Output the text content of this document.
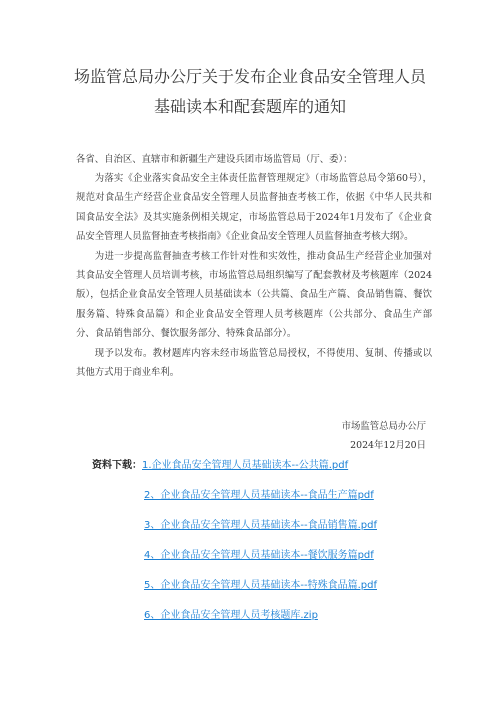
场监管总局办公厅关于发布企业食品安全管理人员
基础读本和配套题库的通知
各省、自治区、直辖市和新疆生产建设兵团市场监管局（厅、委）：

为落实《企业落实食品安全主体责任监督管理规定》（市场监管总局令第60号），规范对食品生产经营企业食品安全管理人员监督抽查考核工作，依据《中华人民共和国食品安全法》及其实施条例相关规定，市场监管总局于2024年1月发布了《企业食品安全管理人员监督抽查考核指南》《企业食品安全管理人员监督抽查考核大纲》。

为进一步提高监督抽查考核工作针对性和实效性，推动食品生产经营企业加强对其食品安全管理人员培训考核，市场监管总局组织编写了配套教材及考核题库（2024版），包括企业食品安全管理人员基础读本（公共篇、食品生产篇、食品销售篇、餐饮服务篇、特殊食品篇）和企业食品安全管理人员考核题库（公共部分、食品生产部分、食品销售部分、餐饮服务部分、特殊食品部分）。

现予以发布。教材题库内容未经市场监管总局授权，不得使用、复制、传播或以其他方式用于商业牟利。

市场监管总局办公厅
2024年12月20日
资料下载：1.企业食品安全管理人员基础读本--公共篇.pdf
2、企业食品安全管理人员基础读本--食品生产篇pdf
3、企业食品安全管理人员基础读本--食品销售篇.pdf
4、企业食品安全管理人员基础读本--餐饮服务篇pdf
5、企业食品安全管理人员基础读本--特殊食品篇.pdf
6、企业食品安全管理人员考核题库.zip
